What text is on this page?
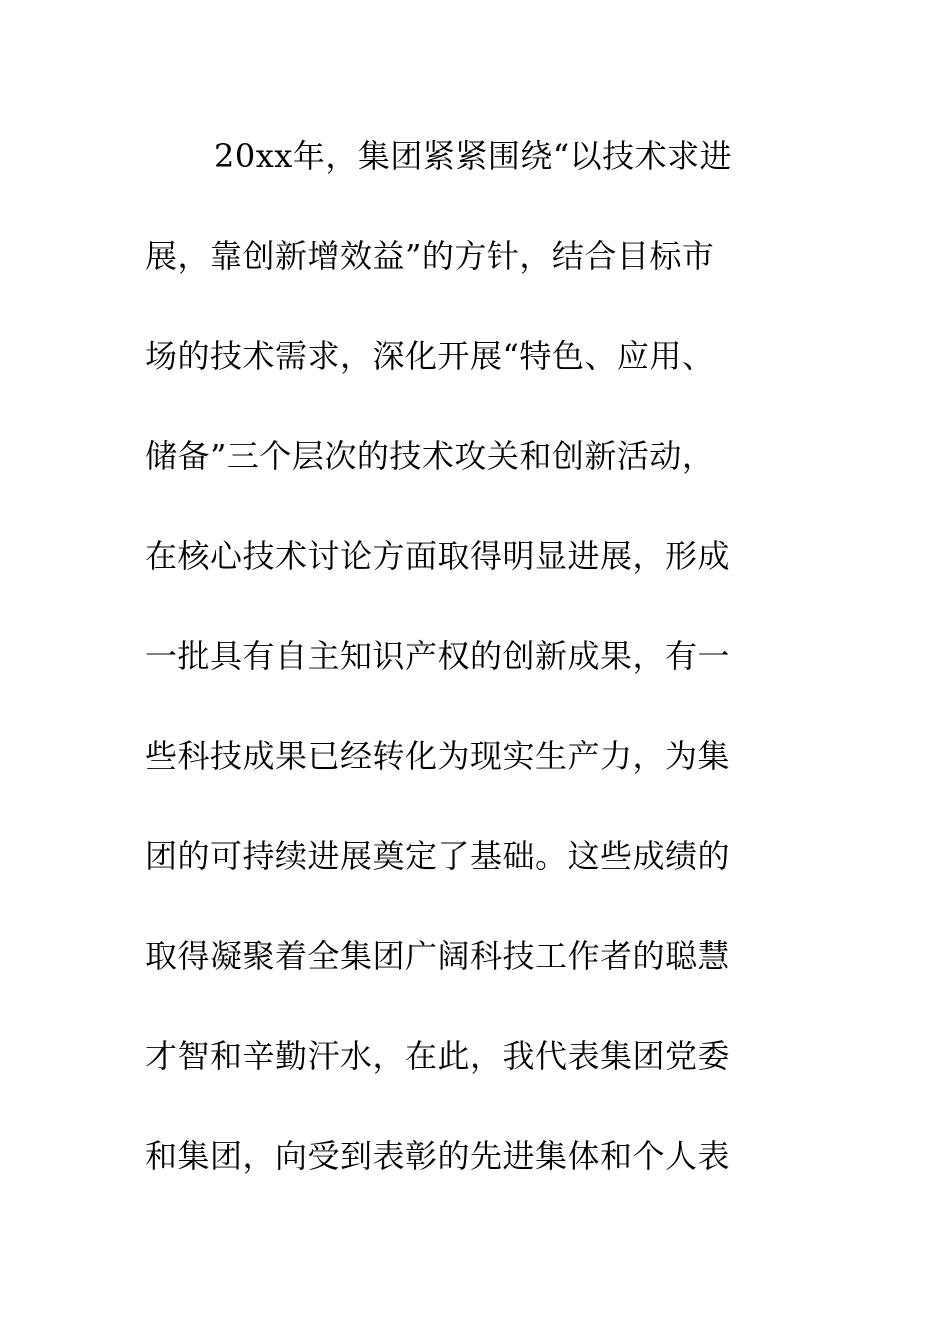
20xx年，集团紧紧围绕“以技术求进
展，靠创新增效益”的方针，结合目标市
场的技术需求，深化开展“特色、应用、
储备”三个层次的技术攻关和创新活动，
在核心技术讨论方面取得明显进展，形成
一批具有自主知识产权的创新成果，有一
些科技成果已经转化为现实生产力，为集
团的可持续进展奠定了基础。这些成绩的
取得凝聚着全集团广阔科技工作者的聪慧
才智和辛勤汗水，在此，我代表集团党委
和集团，向受到表彰的先进集体和个人表
